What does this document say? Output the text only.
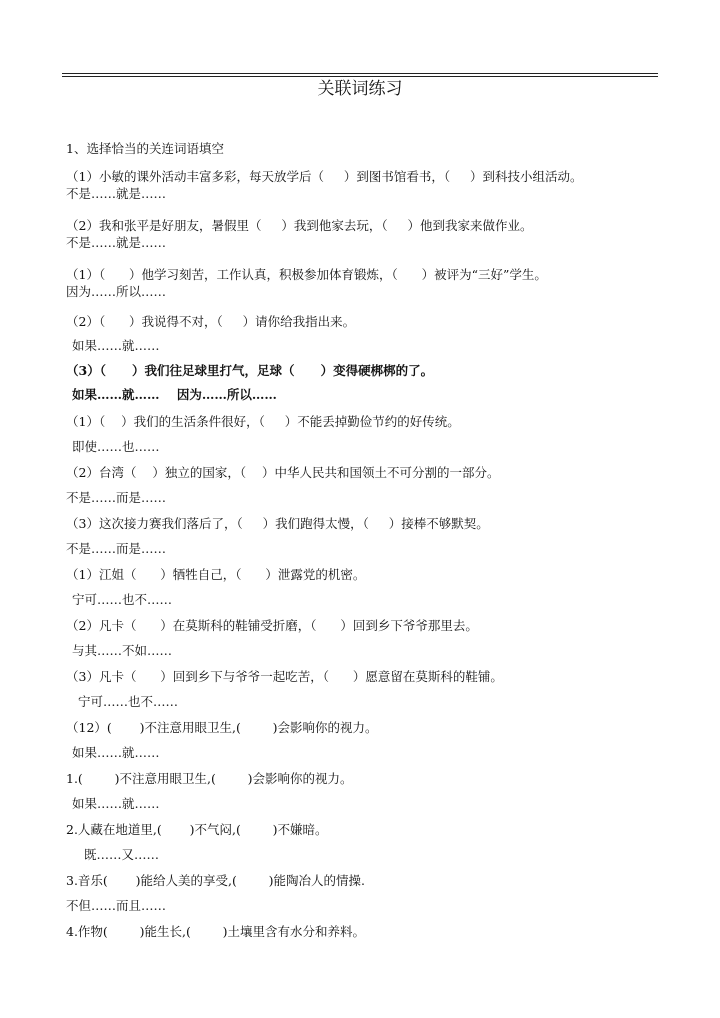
关联词练习
1、选择恰当的关连词语填空
（1）小敏的课外活动丰富多彩，每天放学后（     ）到图书馆看书，（     ）到科技小组活动。
不是……就是……
（2）我和张平是好朋友，暑假里（     ）我到他家去玩，（     ）他到我家来做作业。
不是……就是……
（1）（      ）他学习刻苦，工作认真，积极参加体育锻炼，（      ）被评为“三好”学生。
因为……所以……
（2）（      ）我说得不对，（     ）请你给我指出来。
如果……就……
（3）（      ）我们往足球里打气，足球（      ）变得硬梆梆的了。
如果……就……    因为……所以……
（1）（    ）我们的生活条件很好，（     ）不能丢掉勤俭节约的好传统。
即使……也……
（2）台湾（    ）独立的国家，（    ）中华人民共和国领土不可分割的一部分。
不是……而是……
（3）这次接力赛我们落后了，（     ）我们跑得太慢，（     ）接棒不够默契。
不是……而是……
（1）江姐（      ）牺牲自己，（      ）泄露党的机密。
宁可……也不……
（2）凡卡（      ）在莫斯科的鞋铺受折磨，（      ）回到乡下爷爷那里去。
与其……不如……
（3）凡卡（      ）回到乡下与爷爷一起吃苦，（      ）愿意留在莫斯科的鞋铺。
宁可……也不……
（12）(       )不注意用眼卫生,(        )会影响你的视力。
如果……就……
1.(        )不注意用眼卫生,(        )会影响你的视力。
如果……就……
2.人藏在地道里,(       )不气闷,(        )不嫌暗。
既……又……
3.音乐(       )能给人美的享受,(        )能陶冶人的情操.
不但……而且……
4.作物(        )能生长,(        )土壤里含有水分和养料。
